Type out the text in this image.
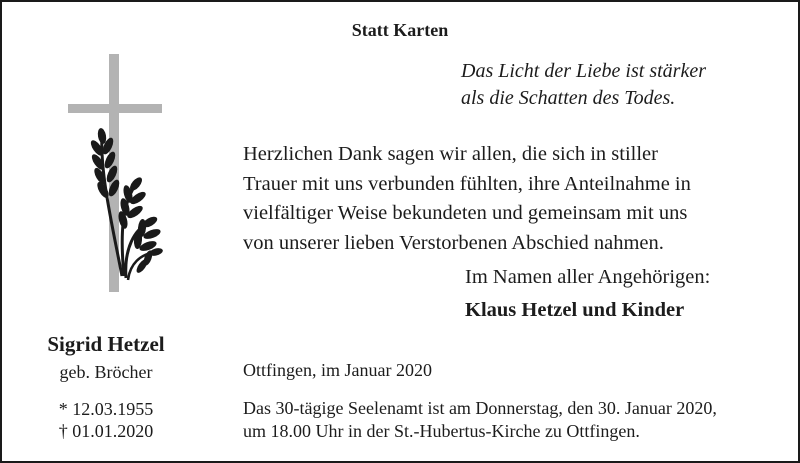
Statt Karten
Das Licht der Liebe ist stärker
als die Schatten des Todes.
Herzlichen Dank sagen wir allen, die sich in stiller
Trauer mit uns verbunden fühlten, ihre Anteilnahme in
vielfältiger Weise bekundeten und gemeinsam mit uns
von unserer lieben Verstorbenen Abschied nahmen.
Im Namen aller Angehörigen:
Klaus Hetzel und Kinder
Sigrid Hetzel
geb. Bröcher
* 12.03.1955
† 01.01.2020
Ottfingen, im Januar 2020
Das 30-tägige Seelenamt ist am Donnerstag, den 30. Januar 2020,
um 18.00 Uhr in der St.-Hubertus-Kirche zu Ottfingen.
